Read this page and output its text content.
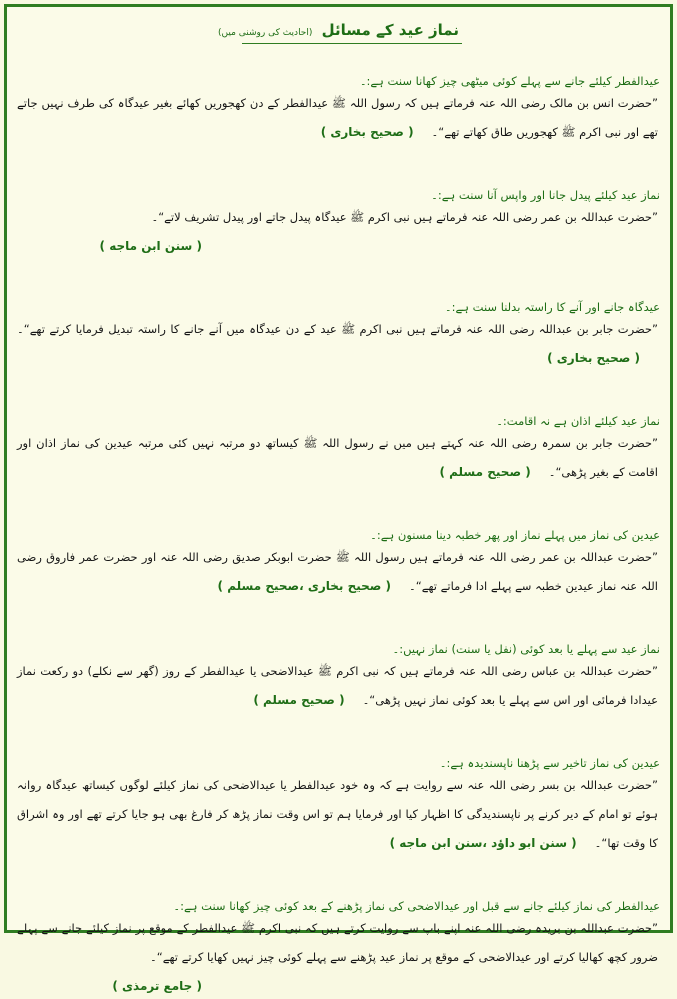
نماز عید کے مسائل (احادیث کی روشنی میں)
عیدالفطر کیلئے جانے سے پہلے کوئی میٹھی چیز کھانا سنت ہے:۔
”حضرت انس بن مالک رضی اللہ عنہ فرماتے ہیں کہ رسول اللہ ﷺ عیدالفطر کے دن کھجوریں کھائے بغیر عیدگاہ کی طرف نہیں جاتے تھے اور نبی اکرم ﷺ کھجوریں طاق کھاتے تھے“۔( صحيح بخاری )
نماز عید کیلئے پیدل جانا اور واپس آنا سنت ہے:۔
”حضرت عبداللہ بن عمر رضی اللہ عنہ فرماتے ہیں نبی اکرم ﷺ عیدگاہ پیدل جاتے اور پیدل تشریف لاتے“۔
( سنن ابن ماجه )
عیدگاہ جانے اور آنے کا راستہ بدلنا سنت ہے:۔
”حضرت جابر بن عبداللہ رضی اللہ عنہ فرماتے ہیں نبی اکرم ﷺ عید کے دن عیدگاہ میں آنے جانے کا راستہ تبدیل فرمایا کرتے تھے“۔( صحيح بخاری )
نماز عید کیلئے اذان ہے نہ اقامت:۔
”حضرت جابر بن سمرہ رضی اللہ عنہ کہتے ہیں میں نے رسول اللہ ﷺ کیساتھ دو مرتبہ نہیں کئی مرتبہ عیدین کی نماز اذان اور اقامت کے بغیر پڑھی“۔( صحيح مسلم )
عیدین کی نماز میں پہلے نماز اور پھر خطبہ دینا مسنون ہے:۔
”حضرت عبداللہ بن عمر رضی اللہ عنہ فرماتے ہیں رسول اللہ ﷺ حضرت ابوبکر صدیق رضی اللہ عنہ اور حضرت عمر فاروق رضی اللہ عنہ نماز عیدین خطبہ سے پہلے ادا فرماتے تھے“۔( صحيح بخاری ،صحيح مسلم )
نماز عید سے پہلے یا بعد کوئی (نفل یا سنت) نماز نہیں:۔
”حضرت عبداللہ بن عباس رضی اللہ عنہ فرماتے ہیں کہ نبی اکرم ﷺ عیدالاضحی یا عیدالفطر کے روز (گھر سے نکلے) دو رکعت نماز عیدادا فرمائی اور اس سے پہلے یا بعد کوئی نماز نہیں پڑھی“۔( صحيح مسلم )
عیدین کی نماز تاخیر سے پڑھنا ناپسندیدہ ہے:۔
”حضرت عبداللہ بن بسر رضی اللہ عنہ سے روایت ہے کہ وہ خود عیدالفطر یا عیدالاضحی کی نماز کیلئے لوگوں کیساتھ عیدگاہ روانہ ہوئے تو امام کے دیر کرنے پر ناپسندیدگی کا اظہار کیا اور فرمایا ہم تو اس وقت نماز پڑھ کر فارغ بھی ہو جایا کرتے تھے اور وہ اشراق کا وقت تھا“۔( سنن ابو داؤد ،سنن ابن ماجه )
عیدالفطر کی نماز کیلئے جانے سے قبل اور عیدالاضحی کی نماز پڑھنے کے بعد کوئی چیز کھانا سنت ہے:۔
”حضرت عبداللہ بن بریدہ رضی اللہ عنہ اپنے باپ سے روایت کرتے ہیں کہ نبی اکرم ﷺ عیدالفطر کے موقع پر نماز کیلئے جانے سے پہلے ضرور کچھ کھالیا کرتے اور عیدالاضحی کے موقع پر نماز عید پڑھنے سے پہلے کوئی چیز نہیں کھایا کرتے تھے“۔
( جامع ترمذی )
